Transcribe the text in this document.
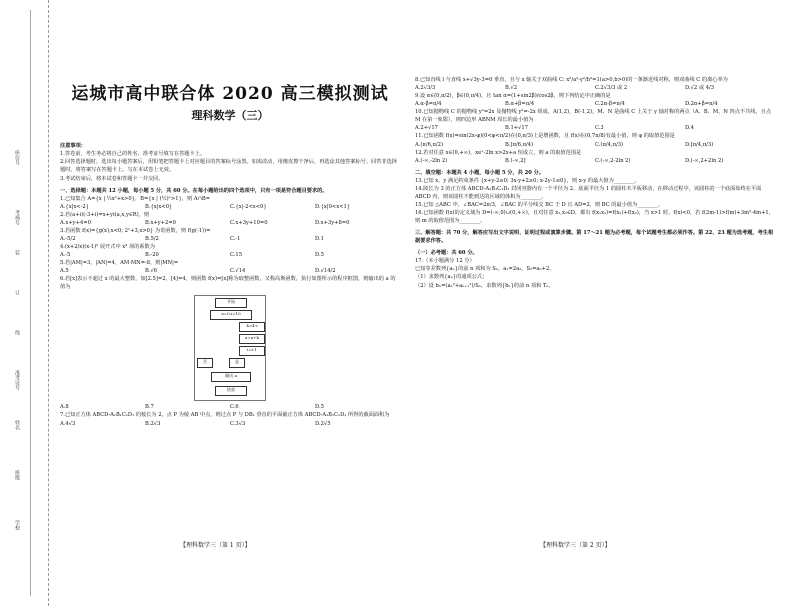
座位号
考场号
装
订
线
准考证号
姓名
班级
学校
运城市高中联合体 2020 高三模拟测试
理科数学（三）
注意事项：

1.答卷前，考生务必将自己的姓名、准考证号填写在答题卡上。

2.回答选择题时，选出每小题答案后，用铅笔把答题卡上对应题目的答案标号涂黑。如需改动，用橡皮擦干净后，再选涂其他答案标号。回答非选择题时，将答案写在答题卡上。写在本试卷上无效。

3.考试结束后，将本试卷和答题卡一并交回。

一、选择题：本题共 12 小题，每小题 5 分，共 60 分。在每小题给出的四个选项中，只有一项是符合题目要求的。

1.已知集合 A={x | ½x²+x>0}，B={x | (½)ˣ>1}，则 A∩B=

A.{x|x<-2}	B.{x|x<0}	C.{x|-2<x<0}	D.{x|0<x<1}

2.若(a+i)(-3+i)=x+yi(a,x,y∈R)，则

A.x+y+4=0	B.x+y+2=0	C.x+3y+10=0	D.x+3y+8=0

3.若函数 f(x)={g(x),x<0; 2ˣ+3,x>0} 为奇函数，则 f(g(-1))=

A.-5/2	B.5/2	C.-1	D.1

4.(x+2/x)(x-1)⁵ 展开式中 x³ 项的系数为

A.-5	B.-20	C.15	D.5

5.若|AM|=3，|AN|=4，AM·MN=-8，则|MN|=

A.5	B.√6	C.√14	D.√14/2

6.若[x]表示不超过 x 的最大整数，如[2.5]=2，[4]=4，则函数 f(x)=[x]称为取整函数，又称高斯函数。执行如图所示的程序框图，则输出的 a 的值为

开始
a=0,i=10
k=4-i
a=a+k
i=i-1
否	是
输出 a
结束
A.8	B.7	C.6	D.5

7.已知正方体 ABCD-A₁B₁C₁D₁ 的棱长为 2，点 P 为棱 AB 中点，则过点 P 与 DB₁ 垂直的平面截正方体 ABCD-A₁B₁C₁D₁ 所得的截面面积为

A.4√3	B.2√3	C.3√3	D.2√5

8.已知直线 l 与直线 x+√3y-3=0 垂直，且与 x 轴关于双曲线 C: x²/a²-y²/b²=1(a>0,b>0)的一条渐近线对称，则双曲线 C 的离心率为

A.2√3/3	B.√2	C.2√3/3 或 2	D.√2 或 4/3

9.设 α∈(0,π/2)，β∈(0,π/4)，且 tan α=(1+sin2β)/cos2β，则下列结论中正确的是

A.α-β=π/4	B.α+β=π/4	C.2α-β=π/4	D.2α+β=π/4

10.已知抛物线 C 的抛物线 y²=2x 及抛物线 y²=-2x 组成，A(1,2)，B(-1,2)，M、N 是曲线 C 上关于 y 轴对称的两点（A、B、M、N 四点不共线，且点 M 在第一象限），则四边形 ABNM 周长的最小值为

A.2+√17	B.1+√17	C.3	D.4

11.已知函数 f(x)=sin(2x-φ)(0<φ<π/2)在(0,π/3)上是增函数，且 f(x)在(0,7π/8)有最小值，则 φ 的取值范围是

A.(π/6,π/2)	B.[π/6,π/4)	C.(π/4,π/3)	D.[π/4,π/3)

12.若对任意 x∈(0,+∞)，xeˣ-2ln x>2x+a 恒成立，则 a 的取值范围是

A.(-∞,-2ln 2)	B.(-∞,2]	C.(-∞,2-2ln 2)	D.(-∞,2+2ln 2)
二、填空题：本题共 4 小题，每小题 5 分，共 20 分。

13.已知 x、y 满足约束条件 {x+y-2≤0; 3x-y+2≥0; x-2y-1≤0}，则 x-y 的最大值为________。

14.陵长为 3 的正方体 ABCD-A₁B₁C₁D₁ 封闭容器内有一个半径为 2、底面半径为 1 的圆柱木平板移动，在移动过程中，该圆柱的一个底面始终在平面 ABCD 内，则该圆柱不能到达的区域的体积为________。

15.已知 △ABC 中，∠BAC=2π/3，∠BAC 的平分线交 BC 于 D 且 AD=2，则 BC 的最小值为________。

16.已知函数 f(x)的定义域为 D=(-∞,0)∪(0,+∞)，且对任意 x₁,x₂∈D，都有 f(x₁x₂)=f(x₁)+f(x₂)，当 x>1 时，f(x)<0，若 f(2m-1)>f(m)+3m²-4m+1，则 m 的取值范围为________。

三、解答题：共 70 分，解答应写出文字说明、证明过程或演算步骤。第 17～21 题为必考题，每个试题考生都必须作答。第 22、23 题为选考题，考生根据要求作答。
（一）必考题：共 60 分。

17.（本小题满分 12 分）

已知等差数列{aₙ}的前 n 项和为 Sₙ，a₁=2a₂，S₃=a₅+2。

（1）求数列{aₙ}的通项公式；

（2）设 bₙ=(aₙ²+aₙ₊₁²)/Sₙ，求数列{bₙ}的前 n 项和 Tₙ。

【理科数学三（第 1 页）】	【理科数学三（第 2 页）】
